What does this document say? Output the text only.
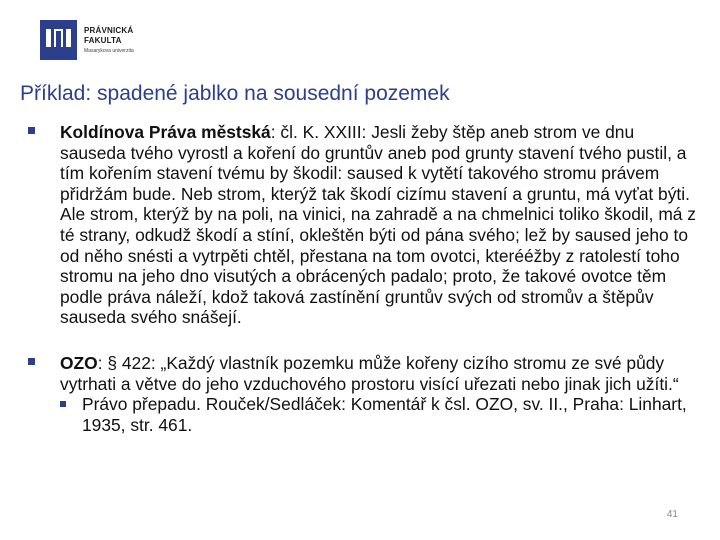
PRÁVNICKÁ
FAKULTA
Masarykova univerzita
Příklad: spadené jablko na sousední pozemek
Koldínova Práva městská: čl. K. XXIII: Jesli žeby štěp aneb strom ve dnu sauseda tvého vyrostl a koření do gruntův aneb pod grunty stavení tvého pustil, a tím kořením stavení tvému by škodil: saused k vytětí takového stromu právem přidržám bude. Neb strom, kterýž tak škodí cizímu stavení a gruntu, má vyťat býti. Ale strom, kterýž by na poli, na vinici, na zahradě a na chmelnici toliko škodil, má z té strany, odkudž škodí a stíní, okleštěn býti od pána svého; lež by saused jeho to od něho snésti a vytrpěti chtěl, přestana na tom ovotci, kterééžby z ratolestí toho stromu na jeho dno visutých a obrácených padalo; proto, že takové ovotce těm podle práva náleží, kdož taková zastínění gruntův svých od stromův a štěpův sauseda svého snášejí.
OZO: § 422: „Každý vlastník pozemku může kořeny cizího stromu ze své půdy vytrhati a větve do jeho vzduchového prostoru visící uřezati nebo jinak jich užíti.“
Právo přepadu. Rouček/Sedláček: Komentář k čsl. OZO, sv. II., Praha: Linhart, 1935, str. 461.
41
